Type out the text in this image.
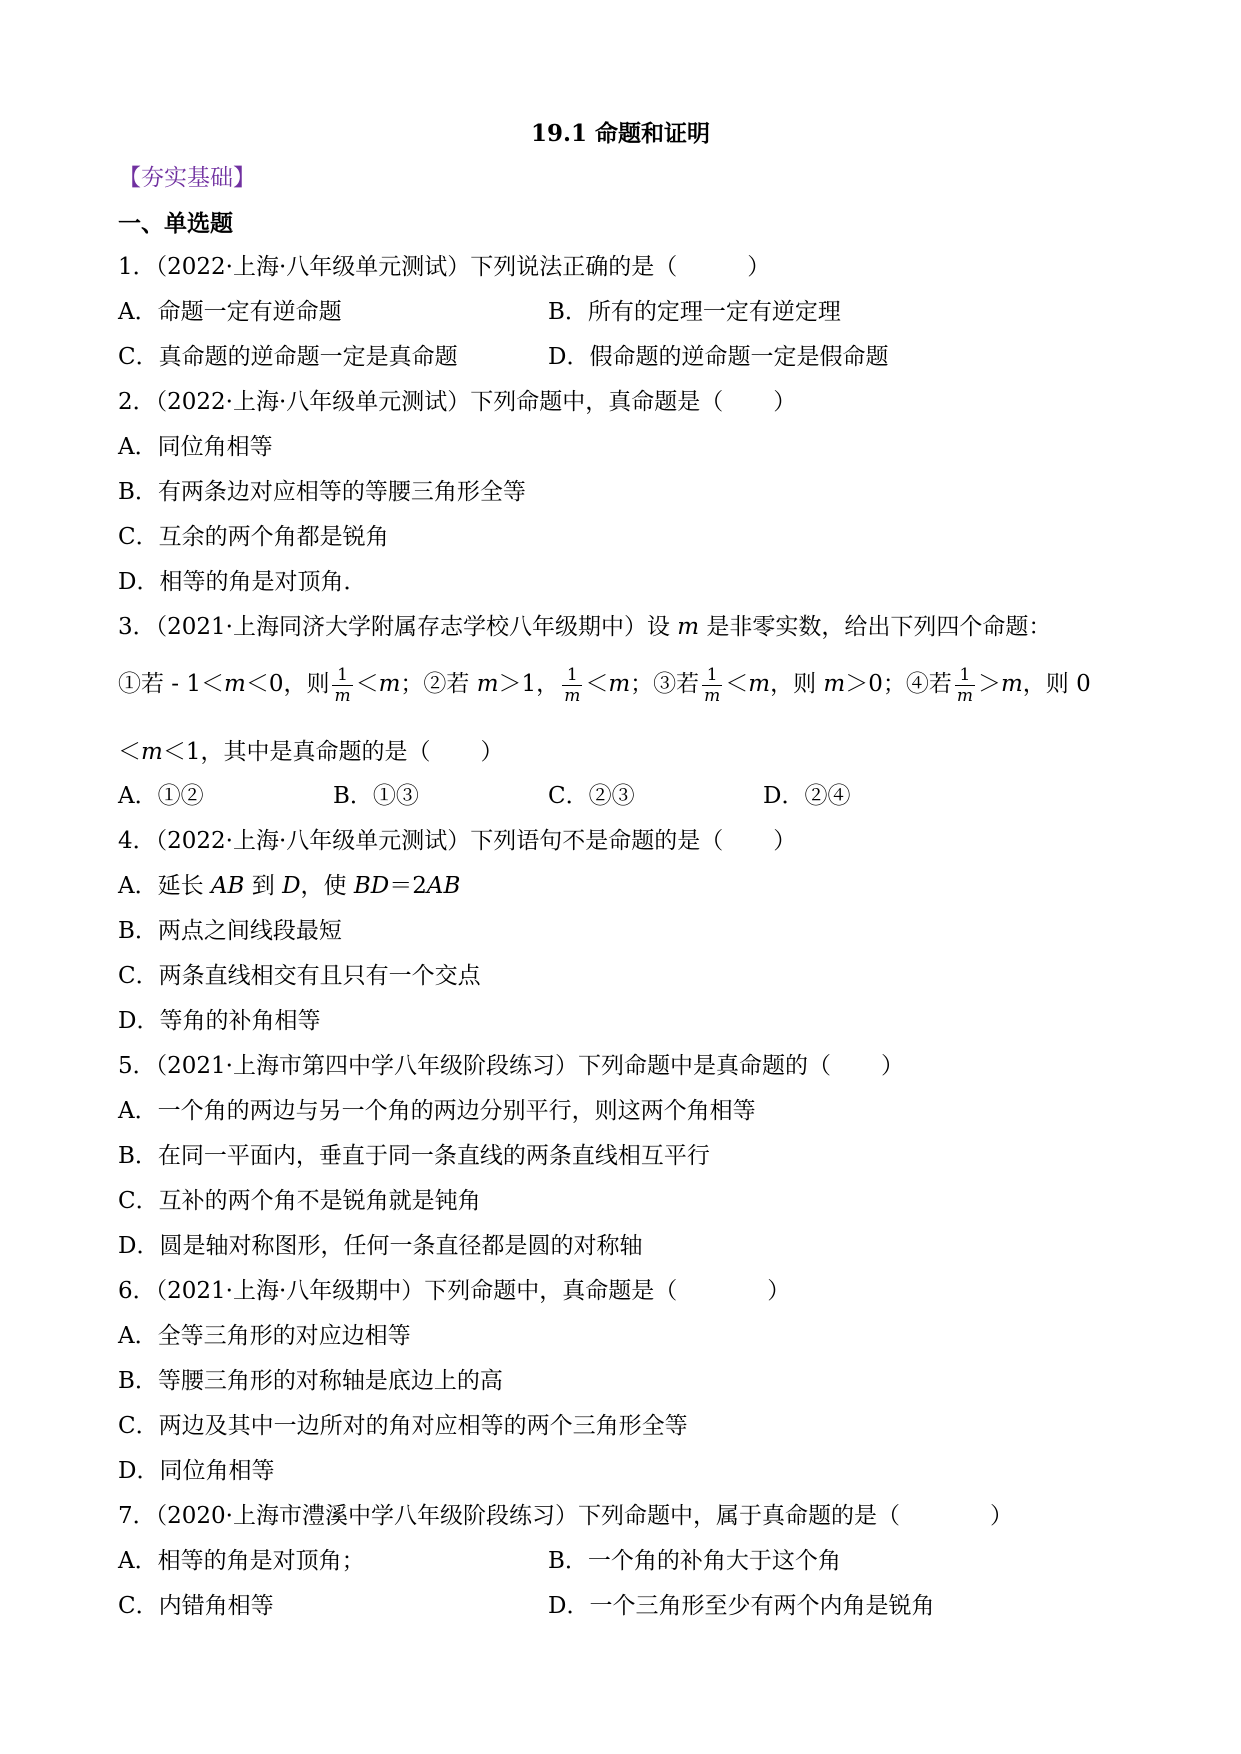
19.1 命题和证明
【夯实基础】
一、单选题
1．（2022·上海·八年级单元测试）下列说法正确的是（	）
A．命题一定有逆命题	B．所有的定理一定有逆定理
C．真命题的逆命题一定是真命题	D．假命题的逆命题一定是假命题
2．（2022·上海·八年级单元测试）下列命题中，真命题是（ ）
A．同位角相等
B．有两条边对应相等的等腰三角形全等
C．互余的两个角都是锐角
D．相等的角是对顶角．
3．（2021·上海同济大学附属存志学校八年级期中）设 m 是非零实数，给出下列四个命题：
①若 - 1＜m＜0，则 $\frac{1}{m} <m$；②若 m＞1， $\frac{1}{m} <m$；③若 $\frac{1}{m} <m$，则 m＞0；④若 $\frac{1}{m} >m$，则 0
＜m＜1，其中是真命题的是（ ）
A．①②	B．①③	C．②③	D．②④
4．（2022·上海·八年级单元测试）下列语句不是命题的是（ ）
A．延长 AB 到 D，使 BD＝2AB
B．两点之间线段最短
C．两条直线相交有且只有一个交点
D．等角的补角相等
5．（2021·上海市第四中学八年级阶段练习）下列命题中是真命题的（ ）
A．一个角的两边与另一个角的两边分别平行，则这两个角相等
B．在同一平面内，垂直于同一条直线的两条直线相互平行
C．互补的两个角不是锐角就是钝角
D．圆是轴对称图形，任何一条直径都是圆的对称轴
6．（2021·上海·八年级期中）下列命题中，真命题是（	）
A．全等三角形的对应边相等
B．等腰三角形的对称轴是底边上的高
C．两边及其中一边所对的角对应相等的两个三角形全等
D．同位角相等
7．（2020·上海市澧溪中学八年级阶段练习）下列命题中，属于真命题的是（	）
A．相等的角是对顶角；	B．一个角的补角大于这个角
C．内错角相等	D．一个三角形至少有两个内角是锐角
